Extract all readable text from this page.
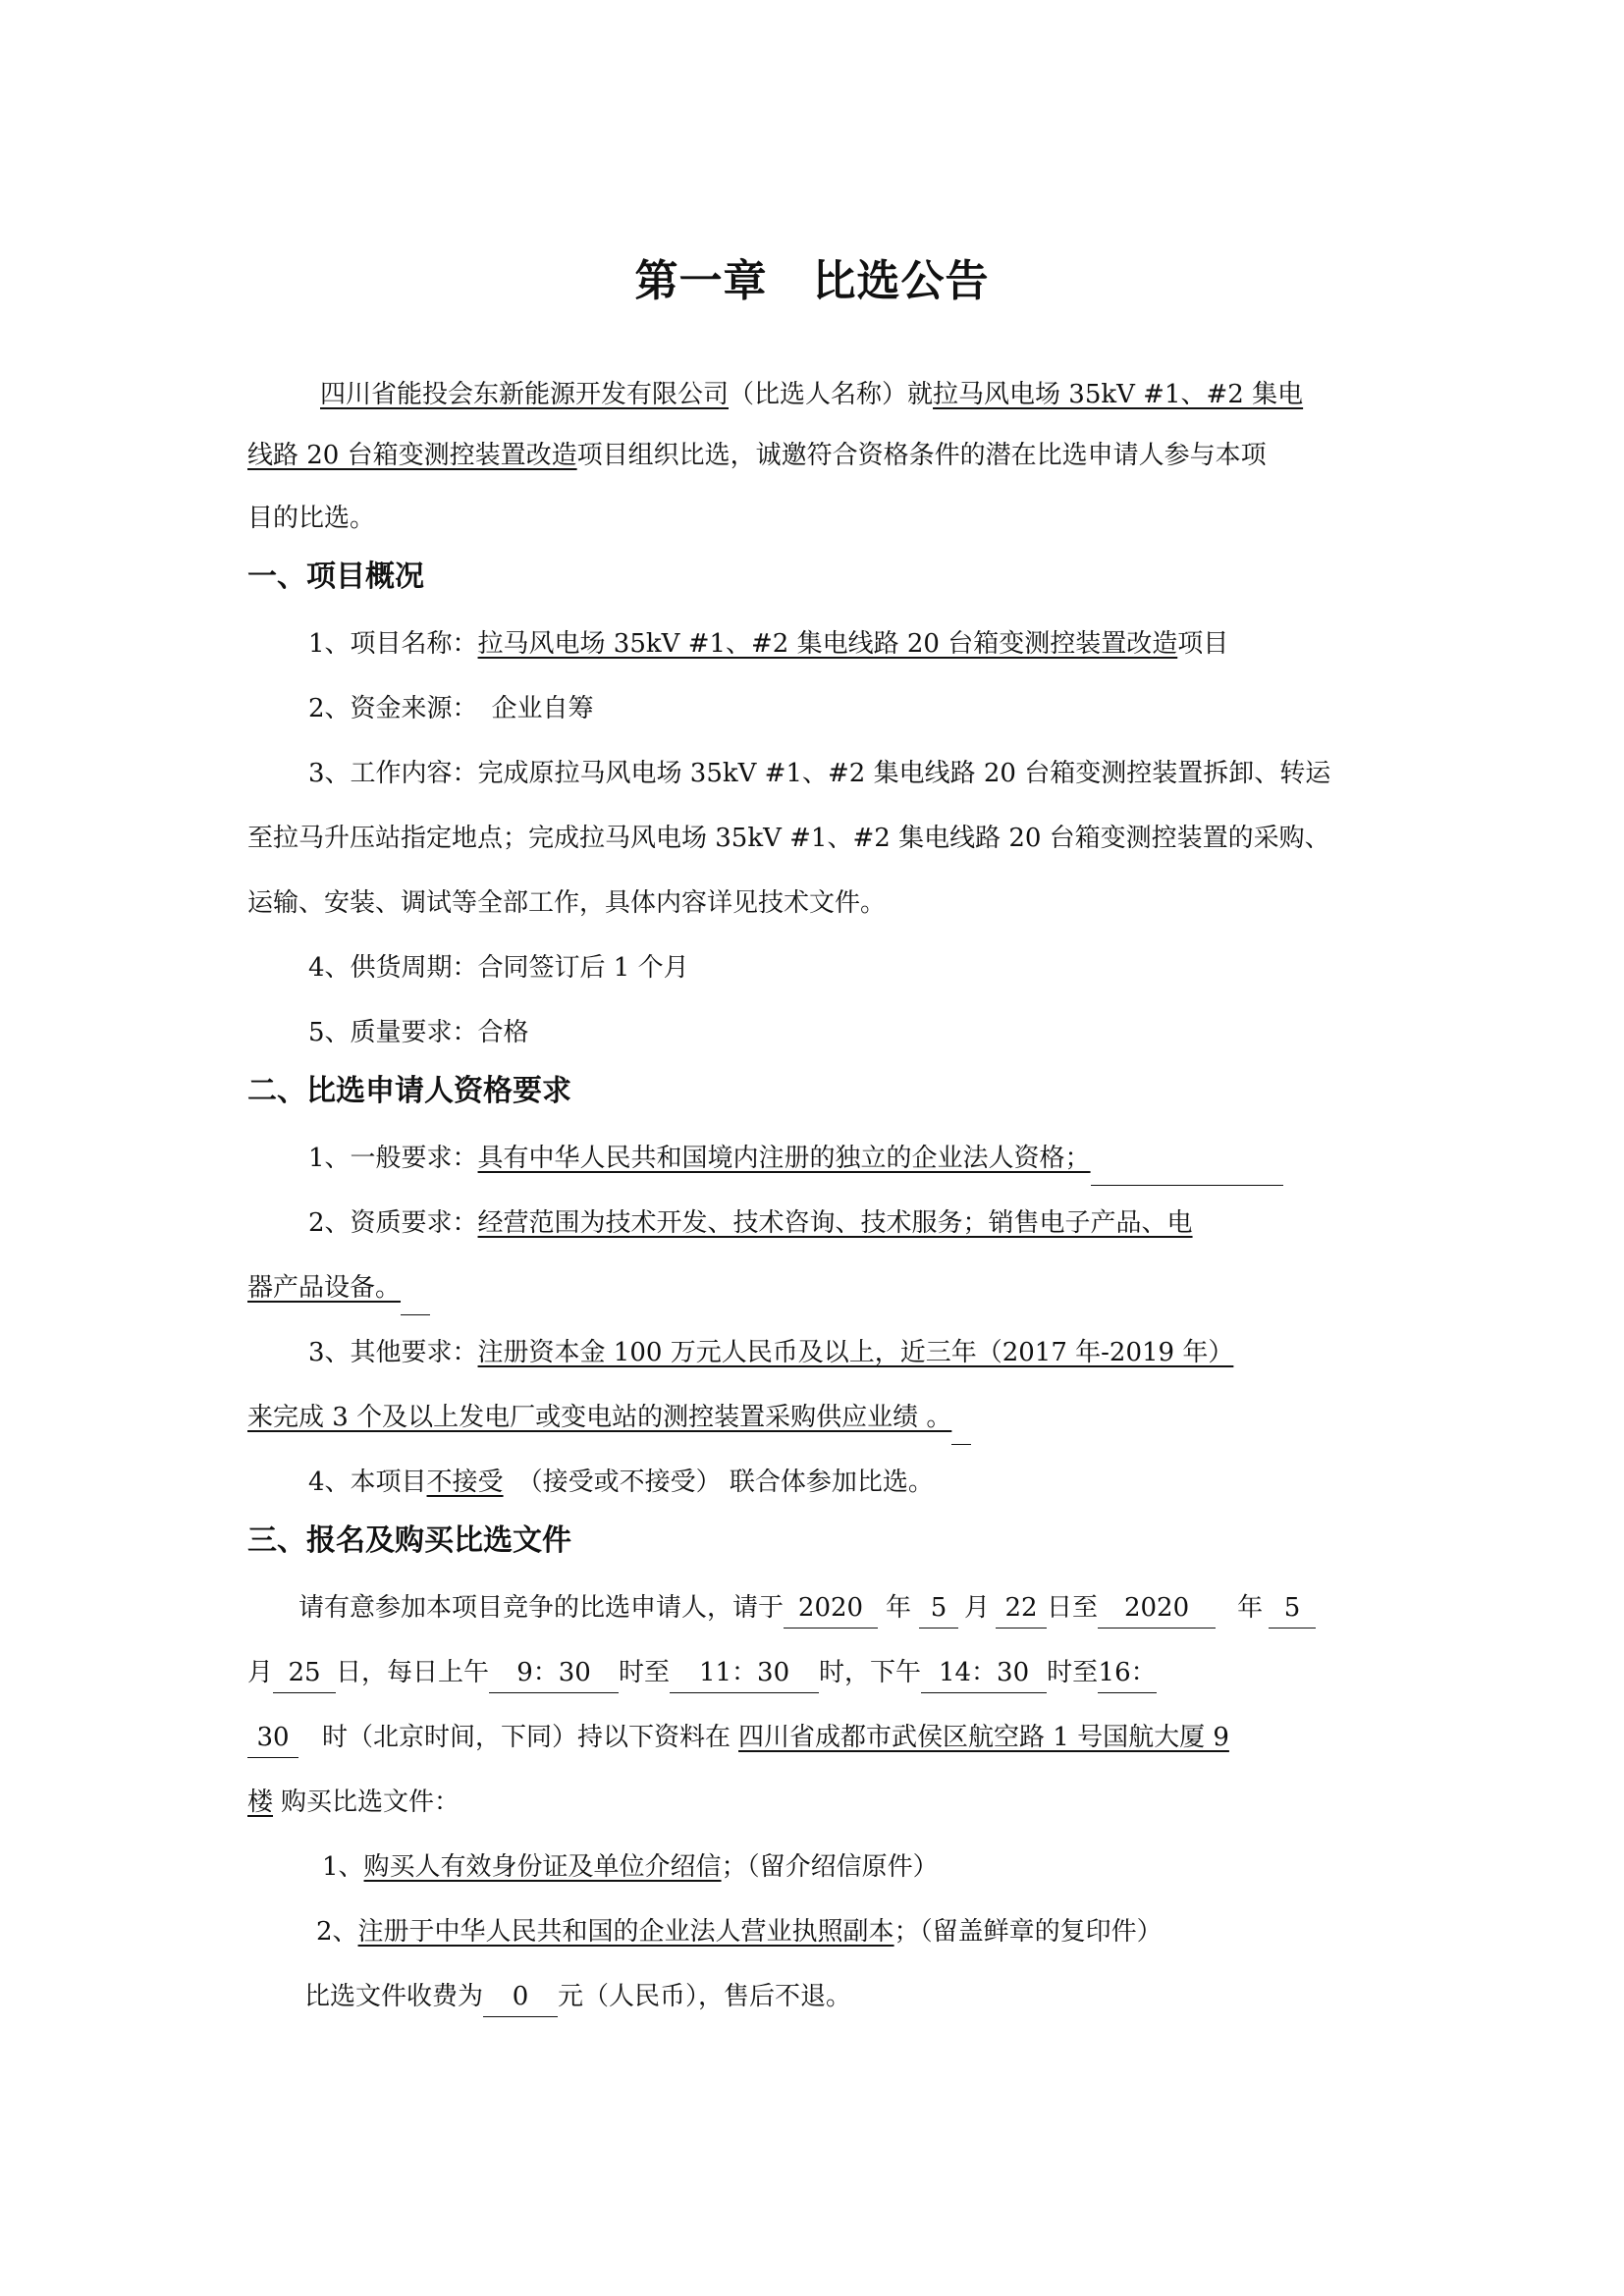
第一章 比选公告
四川省能投会东新能源开发有限公司（比选人名称）就拉马风电场 35kV #1、#2 集电
线路 20 台箱变测控装置改造项目组织比选，诚邀符合资格条件的潜在比选申请人参与本项
目的比选。
一、项目概况
1、项目名称：拉马风电场 35kV #1、#2 集电线路 20 台箱变测控装置改造项目
2、资金来源： 企业自筹
3、工作内容：完成原拉马风电场 35kV #1、#2 集电线路 20 台箱变测控装置拆卸、转运
至拉马升压站指定地点；完成拉马风电场 35kV #1、#2 集电线路 20 台箱变测控装置的采购、
运输、安装、调试等全部工作，具体内容详见技术文件。
4、供货周期：合同签订后 1 个月
5、质量要求：合格
二、比选申请人资格要求
1、一般要求：具有中华人民共和国境内注册的独立的企业法人资格；
2、资质要求：经营范围为技术开发、技术咨询、技术服务；销售电子产品、电
器产品设备。
3、其他要求：注册资本金 100 万元人民币及以上，近三年（2017 年-2019 年）
来完成 3 个及以上发电厂或变电站的测控装置采购供应业绩 。
4、本项目不接受 （接受或不接受） 联合体参加比选。
三、报名及购买比选文件
请有意参加本项目竞争的比选申请人，请于 2020 年 5 月 22 日至 2020 年 5
月 25 日，每日上午 9：30 时至 11：30 时，下午 14：30 时至16：
30 时（北京时间，下同）持以下资料在 四川省成都市武侯区航空路 1 号国航大厦 9
楼 购买比选文件：
1、购买人有效身份证及单位介绍信；（留介绍信原件）
2、注册于中华人民共和国的企业法人营业执照副本；（留盖鲜章的复印件）
比选文件收费为 0 元（人民币），售后不退。
